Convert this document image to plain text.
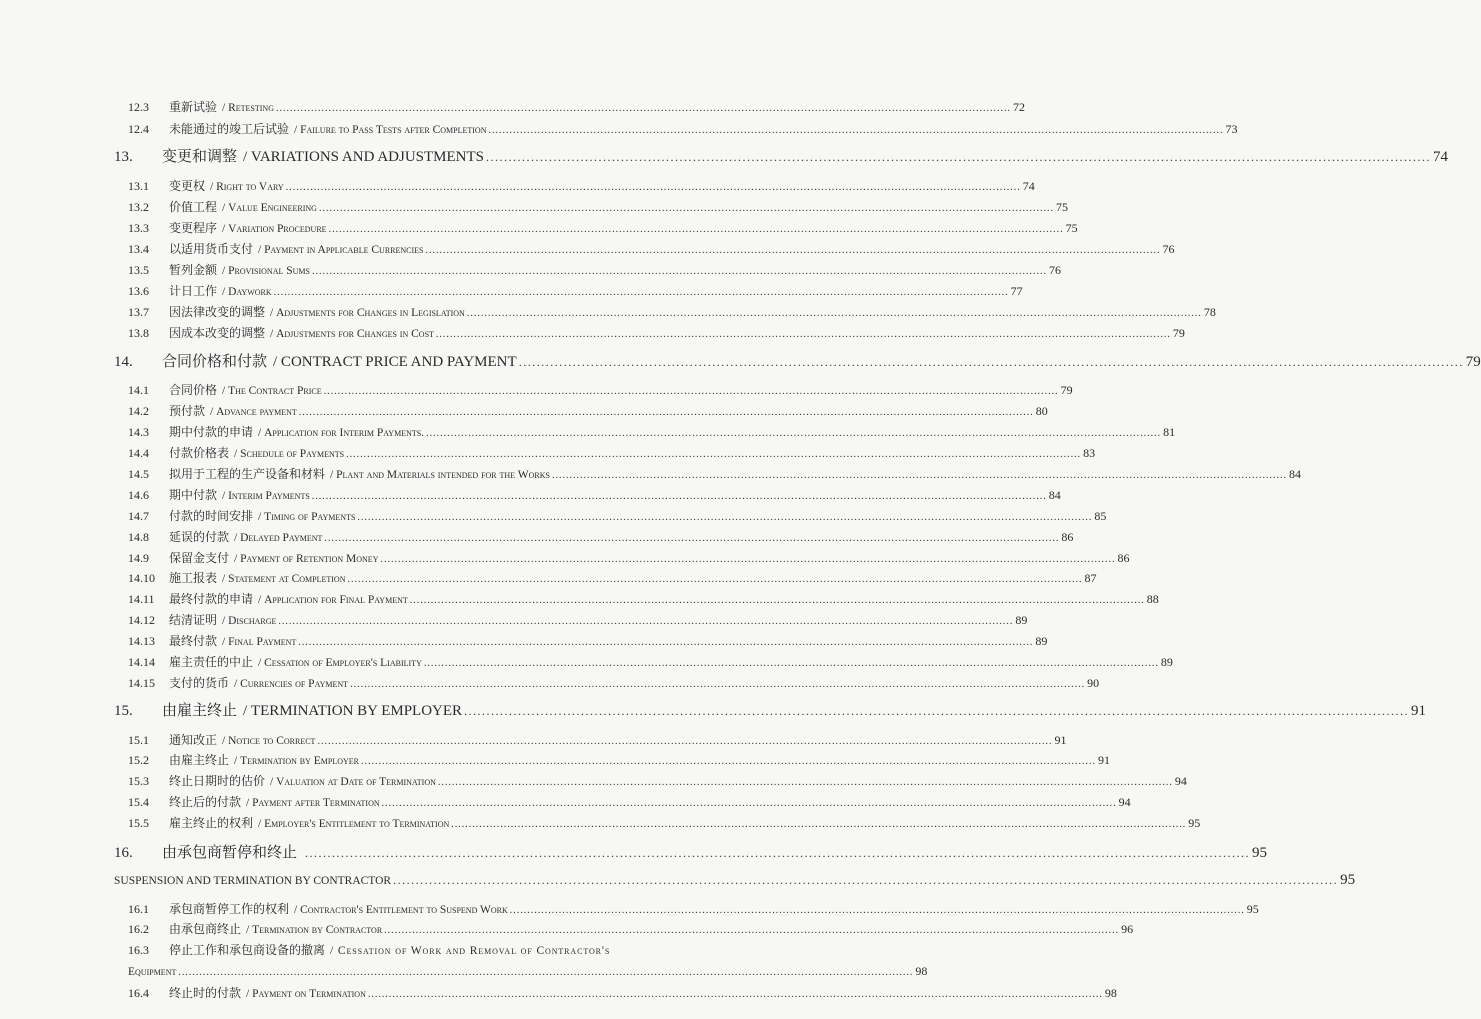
12.3	重新试验 / Retesting .................................................................................................................................................................................................................. 72
12.4	未能通过的竣工后试验 / Failure to Pass Tests after Completion .................................................................................................................................................................................................................. 73
13.	变更和调整 / VARIATIONS AND ADJUSTMENTS .................................................................................................................................................................................................................. 74
13.1	变更权 / Right to Vary .................................................................................................................................................................................................................. 74
13.2	价值工程 / Value Engineering .................................................................................................................................................................................................................. 75
13.3	变更程序 / Variation Procedure .................................................................................................................................................................................................................. 75
13.4	以适用货币支付 / Payment in Applicable Currencies .................................................................................................................................................................................................................. 76
13.5	暂列金额 / Provisional Sums .................................................................................................................................................................................................................. 76
13.6	计日工作 / Daywork .................................................................................................................................................................................................................. 77
13.7	因法律改变的调整 / Adjustments for Changes in Legislation .................................................................................................................................................................................................................. 78
13.8	因成本改变的调整 / Adjustments for Changes in Cost .................................................................................................................................................................................................................. 79
14.	合同价格和付款 / CONTRACT PRICE AND PAYMENT .................................................................................................................................................................................................................. 79
14.1	合同价格 / The Contract Price .................................................................................................................................................................................................................. 79
14.2	预付款 / Advance payment .................................................................................................................................................................................................................. 80
14.3	期中付款的申请 / Application for Interim Payments. .................................................................................................................................................................................................................. 81
14.4	付款价格表 / Schedule of Payments .................................................................................................................................................................................................................. 83
14.5	拟用于工程的生产设备和材料 / Plant and Materials intended for the Works .................................................................................................................................................................................................................. 84
14.6	期中付款 / Interim Payments .................................................................................................................................................................................................................. 84
14.7	付款的时间安排 / Timing of Payments .................................................................................................................................................................................................................. 85
14.8	延误的付款 / Delayed Payment .................................................................................................................................................................................................................. 86
14.9	保留金支付 / Payment of Retention Money .................................................................................................................................................................................................................. 86
14.10	施工报表 / Statement at Completion .................................................................................................................................................................................................................. 87
14.11	最终付款的申请 / Application for Final Payment .................................................................................................................................................................................................................. 88
14.12	结清证明 / Discharge .................................................................................................................................................................................................................. 89
14.13	最终付款 / Final Payment .................................................................................................................................................................................................................. 89
14.14	雇主责任的中止 / Cessation of Employer's Liability .................................................................................................................................................................................................................. 89
14.15	支付的货币 / Currencies of Payment .................................................................................................................................................................................................................. 90
15.	由雇主终止 / TERMINATION BY EMPLOYER .................................................................................................................................................................................................................. 91
15.1	通知改正 / Notice to Correct .................................................................................................................................................................................................................. 91
15.2	由雇主终止 / Termination by Employer .................................................................................................................................................................................................................. 91
15.3	终止日期时的估价 / Valuation at Date of Termination .................................................................................................................................................................................................................. 94
15.4	终止后的付款 / Payment after Termination .................................................................................................................................................................................................................. 94
15.5	雇主终止的权利 / Employer's Entitlement to Termination .................................................................................................................................................................................................................. 95
16.	由承包商暂停和终止 .................................................................................................................................................................................................................. 95
SUSPENSION AND TERMINATION BY CONTRACTOR .................................................................................................................................................................................................................. 95
16.1	承包商暂停工作的权利 / Contractor's Entitlement to Suspend Work .................................................................................................................................................................................................................. 95
16.2	由承包商终止 / Termination by Contractor .................................................................................................................................................................................................................. 96
16.3	停止工作和承包商设备的撤离 / Cessation of Work and Removal of Contractor's
Equipment .................................................................................................................................................................................................................. 98
16.4	终止时的付款 / Payment on Termination .................................................................................................................................................................................................................. 98
